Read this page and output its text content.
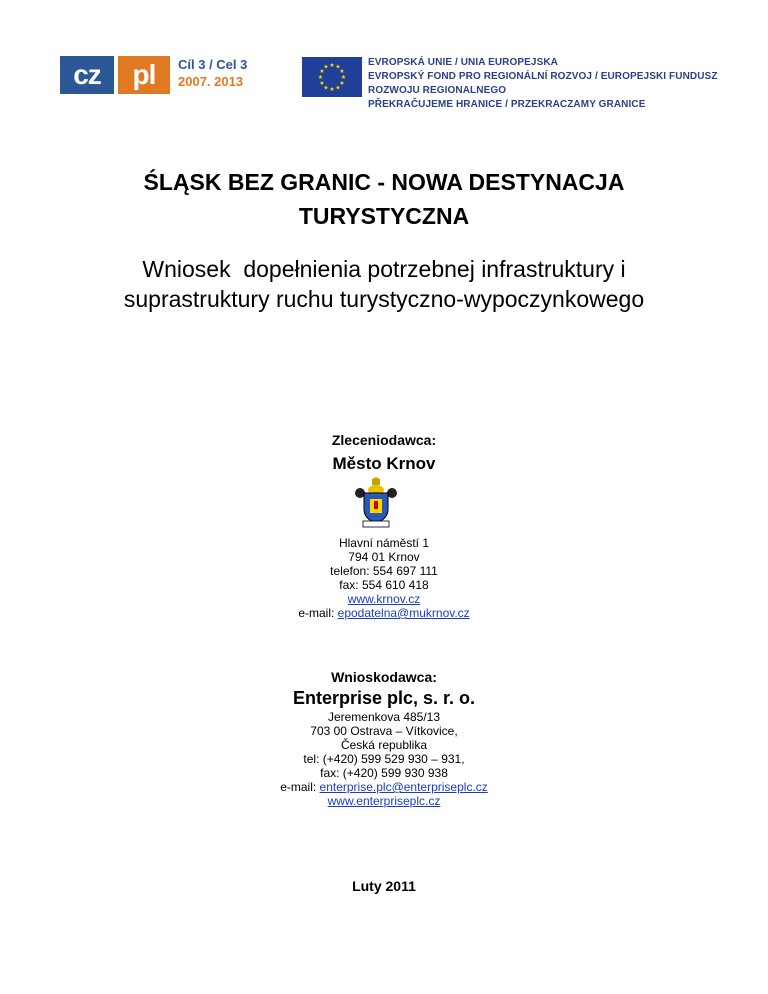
cz	pl	Cíl 3 / Cel 3
2007. 2013
★ ★
★
★
★
★
★
★
★
★
★
★	EVROPSKÁ UNIE / UNIA EUROPEJSKA
EVROPSKÝ FOND PRO REGIONÁLNÍ ROZVOJ / EUROPEJSKI FUNDUSZ ROZWOJU REGIONALNEGO
PŘEKRAČUJEME HRANICE / PRZEKRACZAMY GRANICE
ŚLĄSK BEZ GRANIC - NOWA DESTYNACJA
TURYSTYCZNA
Wniosek  dopełnienia potrzebnej infrastruktury i
suprastruktury ruchu turystyczno-wypoczynkowego
Zleceniodawca:
Město Krnov
Hlavní náměstí 1
794 01 Krnov
telefon: 554 697 111
fax: 554 610 418
www.krnov.cz
e-mail: epodatelna@mukrnov.cz
Wnioskodawca:
Enterprise plc, s. r. o.
Jeremenkova 485/13
703 00 Ostrava – Vítkovice,
Česká republika
tel: (+420) 599 529 930 – 931,
fax: (+420) 599 930 938
e-mail: enterprise.plc@enterpriseplc.cz
www.enterpriseplc.cz
Luty 2011
